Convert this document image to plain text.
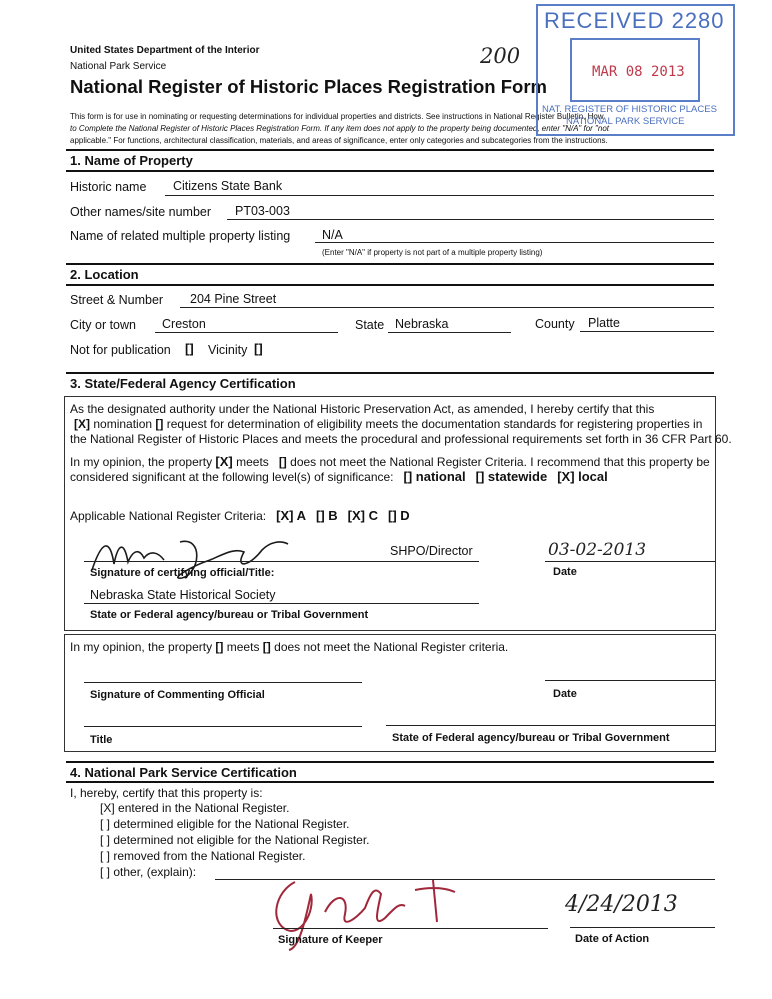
United States Department of the Interior
National Park Service
National Register of Historic Places Registration Form
200
This form is for use in nominating or requesting determinations for individual properties and districts. See instructions in National Register Bulletin, How
to Complete the National Register of Historic Places Registration Form. If any item does not apply to the property being documented, enter "N/A" for "not
applicable." For functions, architectural classification, materials, and areas of significance, enter only categories and subcategories from the instructions.
RECEIVED 2280
MAR 08 2013
NAT. REGISTER OF HISTORIC PLACES
NATIONAL PARK SERVICE
1. Name of Property
Historic name Citizens State Bank
Other names/site number PT03-003
Name of related multiple property listing	N/A
(Enter "N/A" if property is not part of a multiple property listing)
2. Location
Street & Number 204 Pine Street
City or town Creston	State Nebraska	County Platte
Not for publication [] Vicinity []
3. State/Federal Agency Certification
As the designated authority under the National Historic Preservation Act, as amended, I hereby certify that this
[X] nomination [] request for determination of eligibility meets the documentation standards for registering properties in
the National Register of Historic Places and meets the procedural and professional requirements set forth in 36 CFR Part 60.
In my opinion, the property [X] meets [] does not meet the National Register Criteria. I recommend that this property be
considered significant at the following level(s) of significance: [] national [] statewide [X] local
Applicable National Register Criteria: [X] A [] B [X] C [] D
SHPO/Director	03-02-2013
Signature of certifying official/Title:	Date
Nebraska State Historical Society
State or Federal agency/bureau or Tribal Government
In my opinion, the property [] meets [] does not meet the National Register criteria.
Signature of Commenting Official	Date
Title	State of Federal agency/bureau or Tribal Government
4. National Park Service Certification
I, hereby, certify that this property is:
[X] entered in the National Register.
[ ] determined eligible for the National Register.
[ ] determined not eligible for the National Register.
[ ] removed from the National Register.
[ ] other, (explain):
4/24/2013
Signature of Keeper	Date of Action
